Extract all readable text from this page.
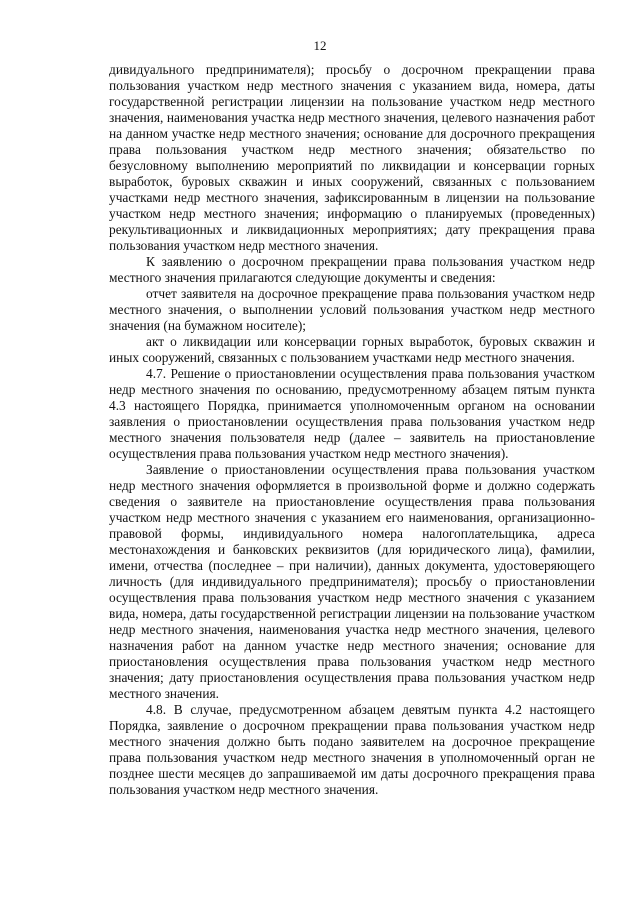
12

дивидуального предпринимателя); просьбу о досрочном прекращении права пользования участком недр местного значения с указанием вида, номера, даты государственной регистрации лицензии на пользование участком недр местного значения, наименования участка недр местного значения, целевого назначения работ на данном участке недр местного значения; основание для досрочного прекращения права пользования участком недр местного значения; обязательство по безусловному выполнению мероприятий по ликвидации и консервации горных выработок, буровых скважин и иных сооружений, связанных с пользованием участками недр местного значения, зафиксированным в лицензии на пользование участком недр местного значения; информацию о планируемых (проведенных) рекультивационных и ликвидационных мероприятиях; дату прекращения права пользования участком недр местного значения.

К заявлению о досрочном прекращении права пользования участком недр местного значения прилагаются следующие документы и сведения:

отчет заявителя на досрочное прекращение права пользования участком недр местного значения, о выполнении условий пользования участком недр местного значения (на бумажном носителе);

акт о ликвидации или консервации горных выработок, буровых скважин и иных сооружений, связанных с пользованием участками недр местного значения.

4.7. Решение о приостановлении осуществления права пользования участком недр местного значения по основанию, предусмотренному абзацем пятым пункта 4.3 настоящего Порядка, принимается уполномоченным органом на основании заявления о приостановлении осуществления права пользования участком недр местного значения пользователя недр (далее – заявитель на приостановление осуществления права пользования участком недр местного значения).

Заявление о приостановлении осуществления права пользования участком недр местного значения оформляется в произвольной форме и должно содержать сведения о заявителе на приостановление осуществления права пользования участком недр местного значения с указанием его наименования, организационно-правовой формы, индивидуального номера налогоплательщика, адреса местонахождения и банковских реквизитов (для юридического лица), фамилии, имени, отчества (последнее – при наличии), данных документа, удостоверяющего личность (для индивидуального предпринимателя); просьбу о приостановлении осуществления права пользования участком недр местного значения с указанием вида, номера, даты государственной регистрации лицензии на пользование участком недр местного значения, наименования участка недр местного значения, целевого назначения работ на данном участке недр местного значения; основание для приостановления осуществления права пользования участком недр местного значения; дату приостановления осуществления права пользования участком недр местного значения.

4.8. В случае, предусмотренном абзацем девятым пункта 4.2 настоящего Порядка, заявление о досрочном прекращении права пользования участком недр местного значения должно быть подано заявителем на досрочное прекращение права пользования участком недр местного значения в уполномоченный орган не позднее шести месяцев до запрашиваемой им даты досрочного прекращения права пользования участком недр местного значения.
